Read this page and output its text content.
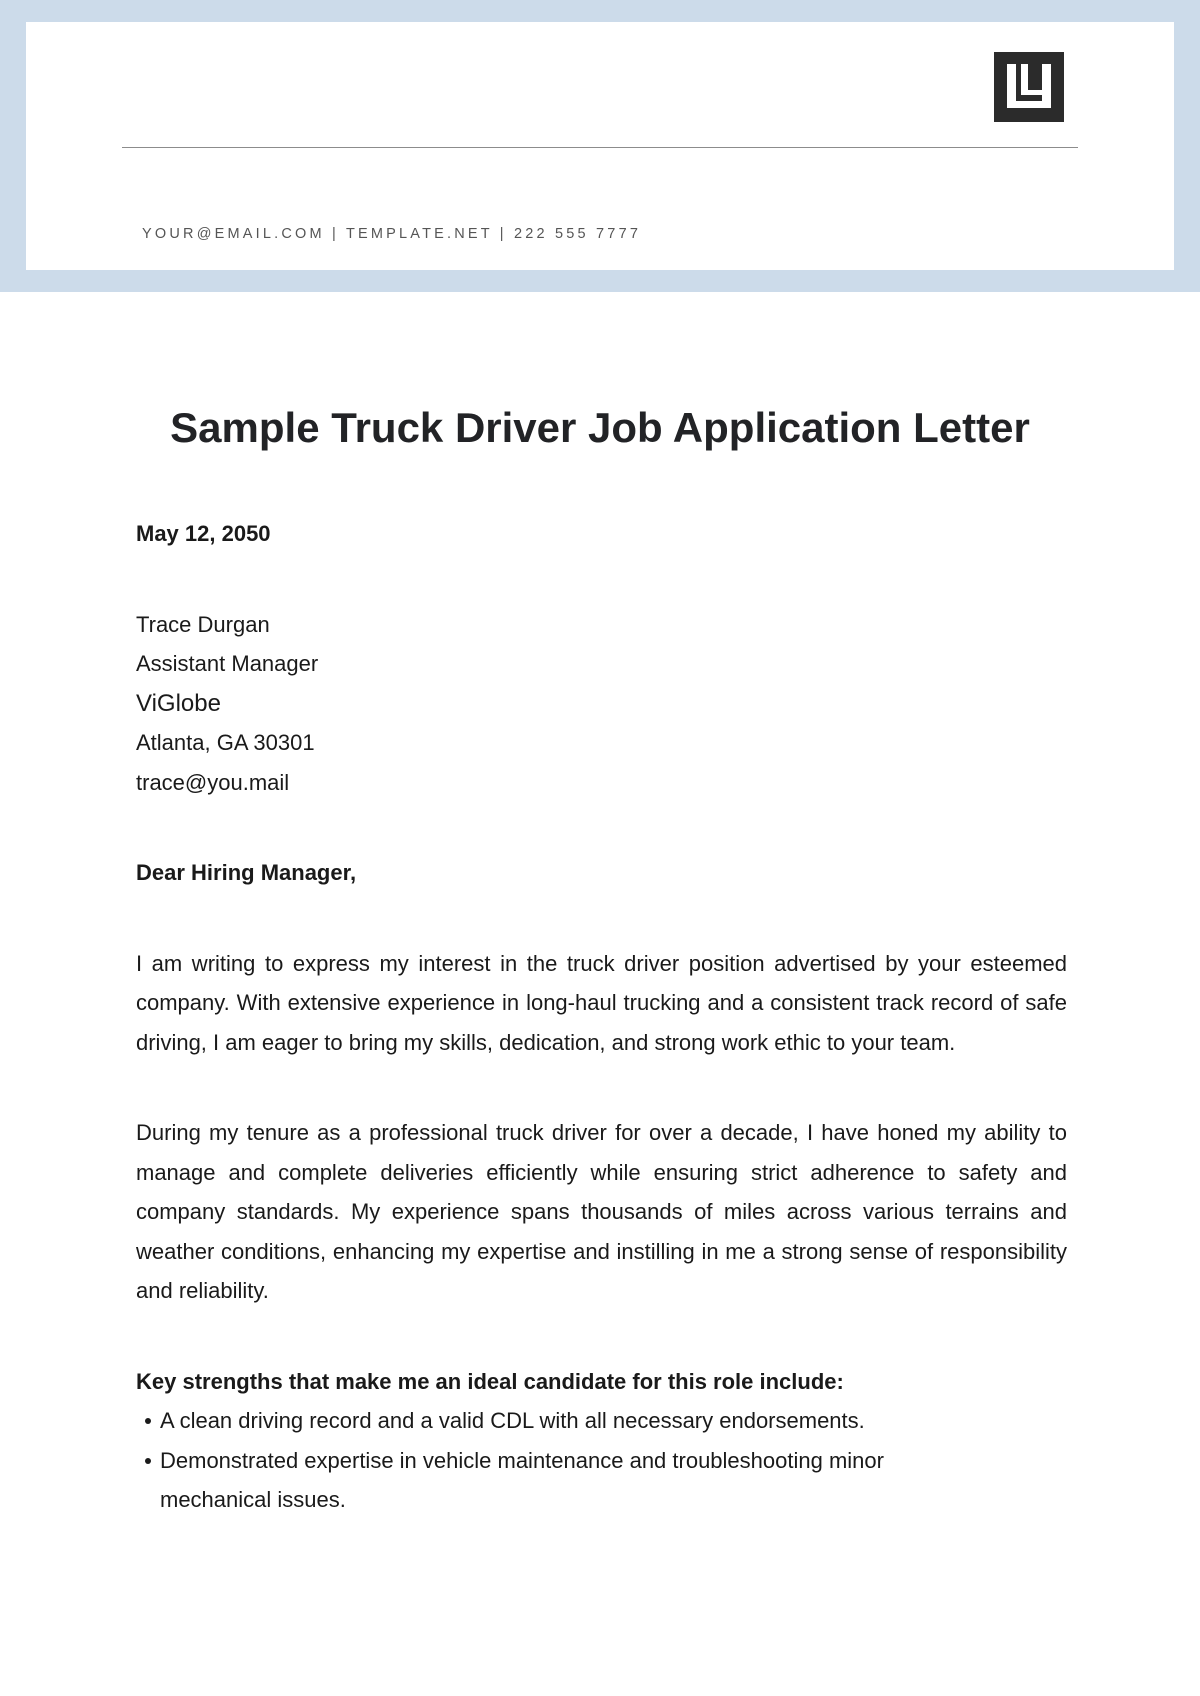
YOUR@EMAIL.COM | TEMPLATE.NET | 222 555 7777
Sample Truck Driver Job Application Letter
May 12, 2050
Trace Durgan
Assistant Manager
ViGlobe
Atlanta, GA 30301
trace@you.mail
Dear Hiring Manager,

I am writing to express my interest in the truck driver position advertised by your esteemed company. With extensive experience in long-haul trucking and a consistent track record of safe driving, I am eager to bring my skills, dedication, and strong work ethic to your team.

During my tenure as a professional truck driver for over a decade, I have honed my ability to manage and complete deliveries efficiently while ensuring strict adherence to safety and company standards. My experience spans thousands of miles across various terrains and weather conditions, enhancing my expertise and instilling in me a strong sense of responsibility and reliability.

Key strengths that make me an ideal candidate for this role include:
A clean driving record and a valid CDL with all necessary endorsements.
Demonstrated expertise in vehicle maintenance and troubleshooting minor mechanical issues.
